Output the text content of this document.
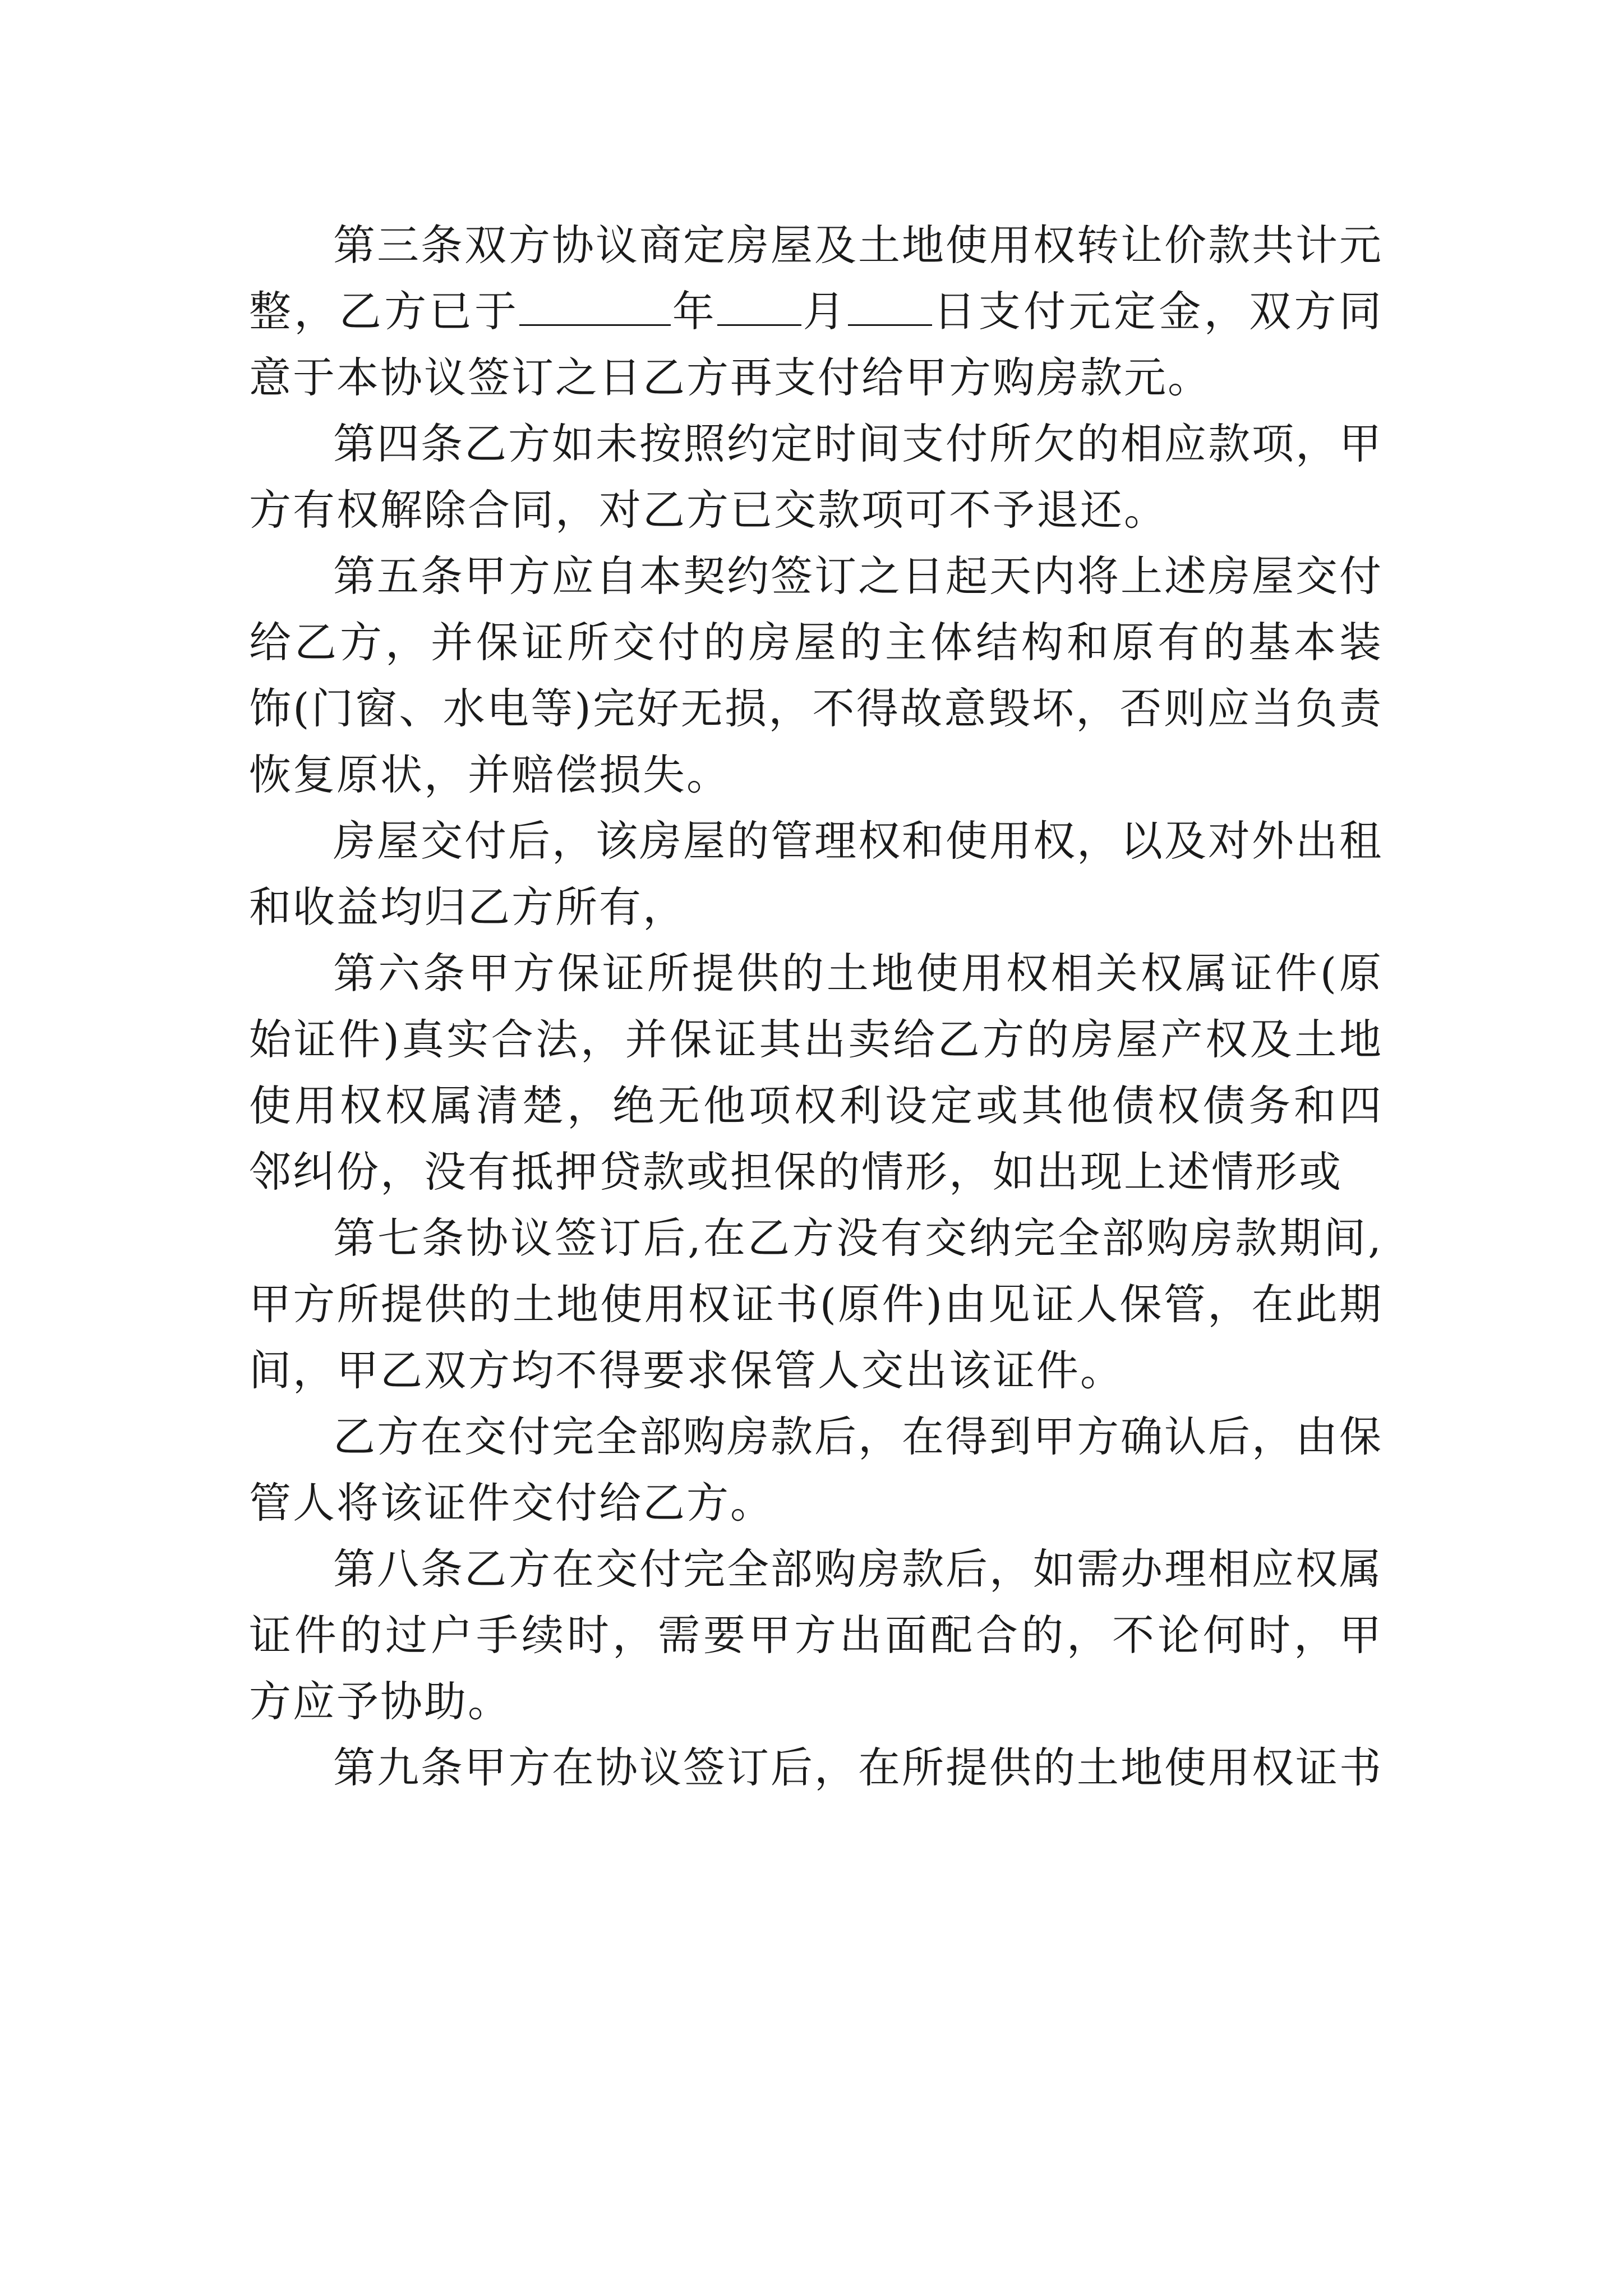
第三条双方协议商定房屋及土地使用权转让价款共计元整，乙方已于	年 月 日支付元定金，双方同意于本协议签订之日乙方再支付给甲方购房款元。

第四条乙方如未按照约定时间支付所欠的相应款项，甲方有权解除合同，对乙方已交款项可不予退还。

第五条甲方应自本契约签订之日起天内将上述房屋交付给乙方，并保证所交付的房屋的主体结构和原有的基本装饰(门窗、水电等)完好无损，不得故意毁坏，否则应当负责恢复原状，并赔偿损失。

房屋交付后，该房屋的管理权和使用权，以及对外出租和收益均归乙方所有，

第六条甲方保证所提供的土地使用权相关权属证件(原始证件)真实合法，并保证其出卖给乙方的房屋产权及土地使用权权属清楚，绝无他项权利设定或其他债权债务和四邻纠份，没有抵押贷款或担保的情形，如出现上述情形或

第七条协议签订后,在乙方没有交纳完全部购房款期间,甲方所提供的土地使用权证书(原件)由见证人保管，在此期间，甲乙双方均不得要求保管人交出该证件。

乙方在交付完全部购房款后，在得到甲方确认后，由保管人将该证件交付给乙方。

第八条乙方在交付完全部购房款后，如需办理相应权属证件的过户手续时，需要甲方出面配合的，不论何时，甲方应予协助。

第九条甲方在协议签订后，在所提供的土地使用权证书
